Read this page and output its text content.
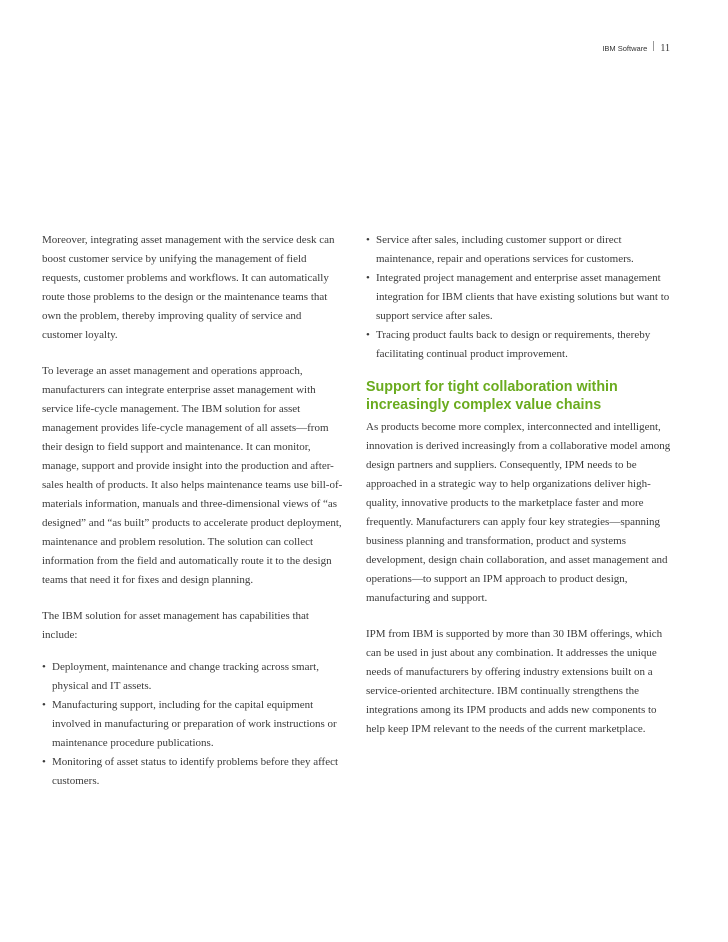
IBM Software 11

Moreover, integrating asset management with the service desk can boost customer service by unifying the management of field requests, customer problems and workflows. It can automatically route those problems to the design or the maintenance teams that own the problem, thereby improving quality of service and customer loyalty.

To leverage an asset management and operations approach, manufacturers can integrate enterprise asset management with service life-cycle management. The IBM solution for asset management provides life-cycle management of all assets—from their design to field support and maintenance. It can monitor, manage, support and provide insight into the production and after-sales health of products. It also helps maintenance teams use bill-of-materials information, manuals and three-dimensional views of “as designed” and “as built” products to accelerate product deployment, maintenance and problem resolution. The solution can collect information from the field and automatically route it to the design teams that need it for fixes and design planning.

The IBM solution for asset management has capabilities that include:

• Deployment, maintenance and change tracking across smart, physical and IT assets.
• Manufacturing support, including for the capital equipment involved in manufacturing or preparation of work instructions or maintenance procedure publications.
• Monitoring of asset status to identify problems before they affect customers.
• Service after sales, including customer support or direct maintenance, repair and operations services for customers.
• Integrated project management and enterprise asset management integration for IBM clients that have existing solutions but want to support service after sales.
• Tracing product faults back to design or requirements, thereby facilitating continual product improvement.
Support for tight collaboration within increasingly complex value chains

As products become more complex, interconnected and intelligent, innovation is derived increasingly from a collaborative model among design partners and suppliers. Consequently, IPM needs to be approached in a strategic way to help organizations deliver high-quality, innovative products to the marketplace faster and more frequently. Manufacturers can apply four key strategies—spanning business planning and transformation, product and systems development, design chain collaboration, and asset management and operations—to support an IPM approach to product design, manufacturing and support.

IPM from IBM is supported by more than 30 IBM offerings, which can be used in just about any combination. It addresses the unique needs of manufacturers by offering industry extensions built on a service-oriented architecture. IBM continually strengthens the integrations among its IPM products and adds new components to help keep IPM relevant to the needs of the current marketplace.
